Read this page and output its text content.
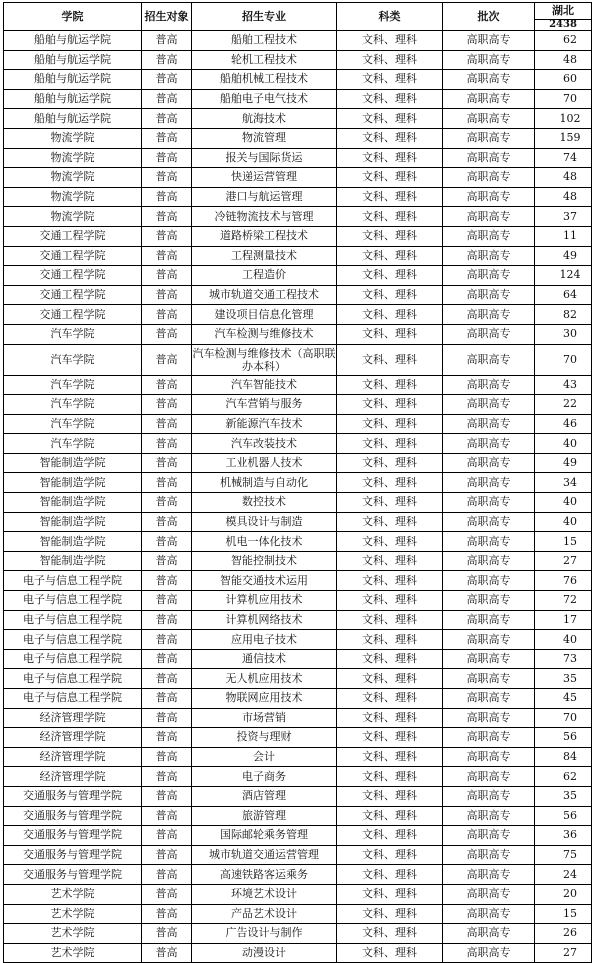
学院	招生对象	招生专业	科类	批次	湖北
					2438
船舶与航运学院	普高	船舶工程技术	文科、理科	高职高专	62
船舶与航运学院	普高	轮机工程技术	文科、理科	高职高专	48
船舶与航运学院	普高	船舶机械工程技术	文科、理科	高职高专	60
船舶与航运学院	普高	船舶电子电气技术	文科、理科	高职高专	70
船舶与航运学院	普高	航海技术	文科、理科	高职高专	102
物流学院	普高	物流管理	文科、理科	高职高专	159
物流学院	普高	报关与国际货运	文科、理科	高职高专	74
物流学院	普高	快递运营管理	文科、理科	高职高专	48
物流学院	普高	港口与航运管理	文科、理科	高职高专	48
物流学院	普高	冷链物流技术与管理	文科、理科	高职高专	37
交通工程学院	普高	道路桥梁工程技术	文科、理科	高职高专	11
交通工程学院	普高	工程测量技术	文科、理科	高职高专	49
交通工程学院	普高	工程造价	文科、理科	高职高专	124
交通工程学院	普高	城市轨道交通工程技术	文科、理科	高职高专	64
交通工程学院	普高	建设项目信息化管理	文科、理科	高职高专	82
汽车学院	普高	汽车检测与维修技术	文科、理科	高职高专	30
汽车学院	普高	汽车检测与维修技术（高职联办本科）	文科、理科	高职高专	70
汽车学院	普高	汽车智能技术	文科、理科	高职高专	43
汽车学院	普高	汽车营销与服务	文科、理科	高职高专	22
汽车学院	普高	新能源汽车技术	文科、理科	高职高专	46
汽车学院	普高	汽车改装技术	文科、理科	高职高专	40
智能制造学院	普高	工业机器人技术	文科、理科	高职高专	49
智能制造学院	普高	机械制造与自动化	文科、理科	高职高专	34
智能制造学院	普高	数控技术	文科、理科	高职高专	40
智能制造学院	普高	模具设计与制造	文科、理科	高职高专	40
智能制造学院	普高	机电一体化技术	文科、理科	高职高专	15
智能制造学院	普高	智能控制技术	文科、理科	高职高专	27
电子与信息工程学院	普高	智能交通技术运用	文科、理科	高职高专	76
电子与信息工程学院	普高	计算机应用技术	文科、理科	高职高专	72
电子与信息工程学院	普高	计算机网络技术	文科、理科	高职高专	17
电子与信息工程学院	普高	应用电子技术	文科、理科	高职高专	40
电子与信息工程学院	普高	通信技术	文科、理科	高职高专	73
电子与信息工程学院	普高	无人机应用技术	文科、理科	高职高专	35
电子与信息工程学院	普高	物联网应用技术	文科、理科	高职高专	45
经济管理学院	普高	市场营销	文科、理科	高职高专	70
经济管理学院	普高	投资与理财	文科、理科	高职高专	56
经济管理学院	普高	会计	文科、理科	高职高专	84
经济管理学院	普高	电子商务	文科、理科	高职高专	62
交通服务与管理学院	普高	酒店管理	文科、理科	高职高专	35
交通服务与管理学院	普高	旅游管理	文科、理科	高职高专	56
交通服务与管理学院	普高	国际邮轮乘务管理	文科、理科	高职高专	36
交通服务与管理学院	普高	城市轨道交通运营管理	文科、理科	高职高专	75
交通服务与管理学院	普高	高速铁路客运乘务	文科、理科	高职高专	24
艺术学院	普高	环境艺术设计	文科、理科	高职高专	20
艺术学院	普高	产品艺术设计	文科、理科	高职高专	15
艺术学院	普高	广告设计与制作	文科、理科	高职高专	26
艺术学院	普高	动漫设计	文科、理科	高职高专	27
